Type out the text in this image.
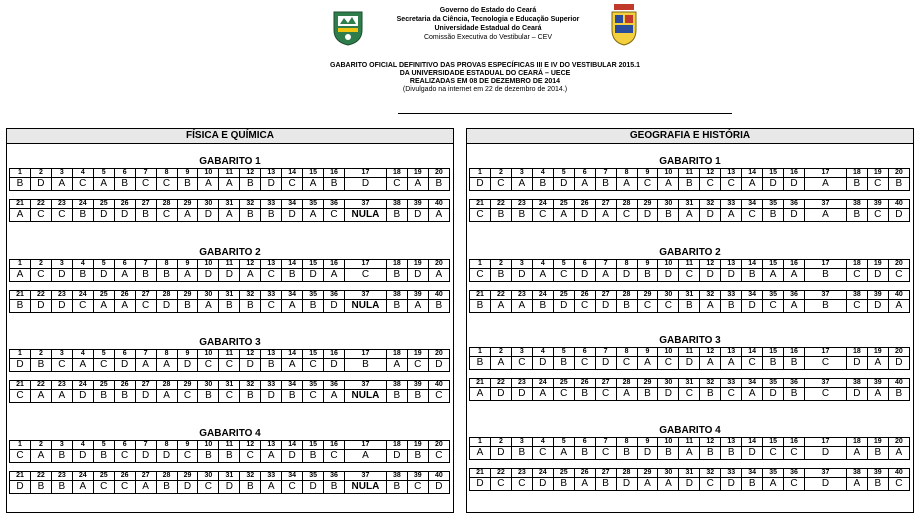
Governo do Estado do Ceará
Secretaria da Ciência, Tecnologia e Educação Superior
Universidade Estadual do Ceará
Comissão Executiva do Vestibular – CEV
GABARITO OFICIAL DEFINITIVO DAS PROVAS ESPECÍFICAS III E IV DO VESTIBULAR 2015.1
DA UNIVERSIDADE ESTADUAL DO CEARÁ – UECE
REALIZADAS EM 08 DE DEZEMBRO DE 2014
(Divulgado na internet em 22 de dezembro de 2014.)
FÍSICA E QUÍMICA
GABARITO 1
1	2	3	4	5	6	7	8	9	10	11	12	13	14	15	16	17	18	19	20
B	D	A	C	A	B	C	C	B	A	A	B	D	C	A	B	D	C	A	B
21	22	23	24	25	26	27	28	29	30	31	32	33	34	35	36	37	38	39	40
A	C	C	B	D	D	B	C	A	D	A	B	B	D	A	C	NULA	B	D	A
GABARITO 2
1	2	3	4	5	6	7	8	9	10	11	12	13	14	15	16	17	18	19	20
A	C	D	B	D	A	B	B	A	D	D	A	C	B	D	A	C	B	D	A
21	22	23	24	25	26	27	28	29	30	31	32	33	34	35	36	37	38	39	40
B	D	D	C	A	A	C	D	B	A	B	B	C	A	B	D	NULA	B	A	B
GABARITO 3
1	2	3	4	5	6	7	8	9	10	11	12	13	14	15	16	17	18	19	20
D	B	C	A	C	D	A	A	D	C	C	D	B	A	C	D	B	A	C	D
21	22	23	24	25	26	27	28	29	30	31	32	33	34	35	36	37	38	39	40
C	A	A	D	B	B	D	A	C	B	C	B	D	B	C	A	NULA	B	B	C
GABARITO 4
1	2	3	4	5	6	7	8	9	10	11	12	13	14	15	16	17	18	19	20
C	A	B	D	B	C	D	D	C	B	B	C	A	D	B	C	A	D	B	C
21	22	23	24	25	26	27	28	29	30	31	32	33	34	35	36	37	38	39	40
D	B	B	A	C	C	A	B	D	C	D	B	A	C	D	B	NULA	B	C	D
GEOGRAFIA E HISTÓRIA
GABARITO 1
1	2	3	4	5	6	7	8	9	10	11	12	13	14	15	16	17	18	19	20
D	C	A	B	D	A	B	A	C	A	B	C	C	A	D	D	A	B	C	B
21	22	23	24	25	26	27	28	29	30	31	32	33	34	35	36	37	38	39	40
C	B	B	C	A	D	A	C	D	B	A	D	A	C	B	D	A	B	C	D
GABARITO 2
1	2	3	4	5	6	7	8	9	10	11	12	13	14	15	16	17	18	19	20
C	B	D	A	C	D	A	D	B	D	C	D	D	B	A	A	B	C	D	C
21	22	23	24	25	26	27	28	29	30	31	32	33	34	35	36	37	38	39	40
B	A	A	B	D	C	D	B	C	C	B	A	B	D	C	A	B	C	D	A
GABARITO 3
1	2	3	4	5	6	7	8	9	10	11	12	13	14	15	16	17	18	19	20
B	A	C	D	B	C	D	C	A	C	D	A	A	C	B	B	C	D	A	D
21	22	23	24	25	26	27	28	29	30	31	32	33	34	35	36	37	38	39	40
A	D	D	A	C	B	C	A	B	D	C	B	C	A	D	B	C	D	A	B
GABARITO 4
1	2	3	4	5	6	7	8	9	10	11	12	13	14	15	16	17	18	19	20
A	D	B	C	A	B	C	B	D	B	A	B	B	D	C	C	D	A	B	A
21	22	23	24	25	26	27	28	29	30	31	32	33	34	35	36	37	38	39	40
D	C	C	D	B	A	B	D	A	A	D	C	D	B	A	C	D	A	B	C
